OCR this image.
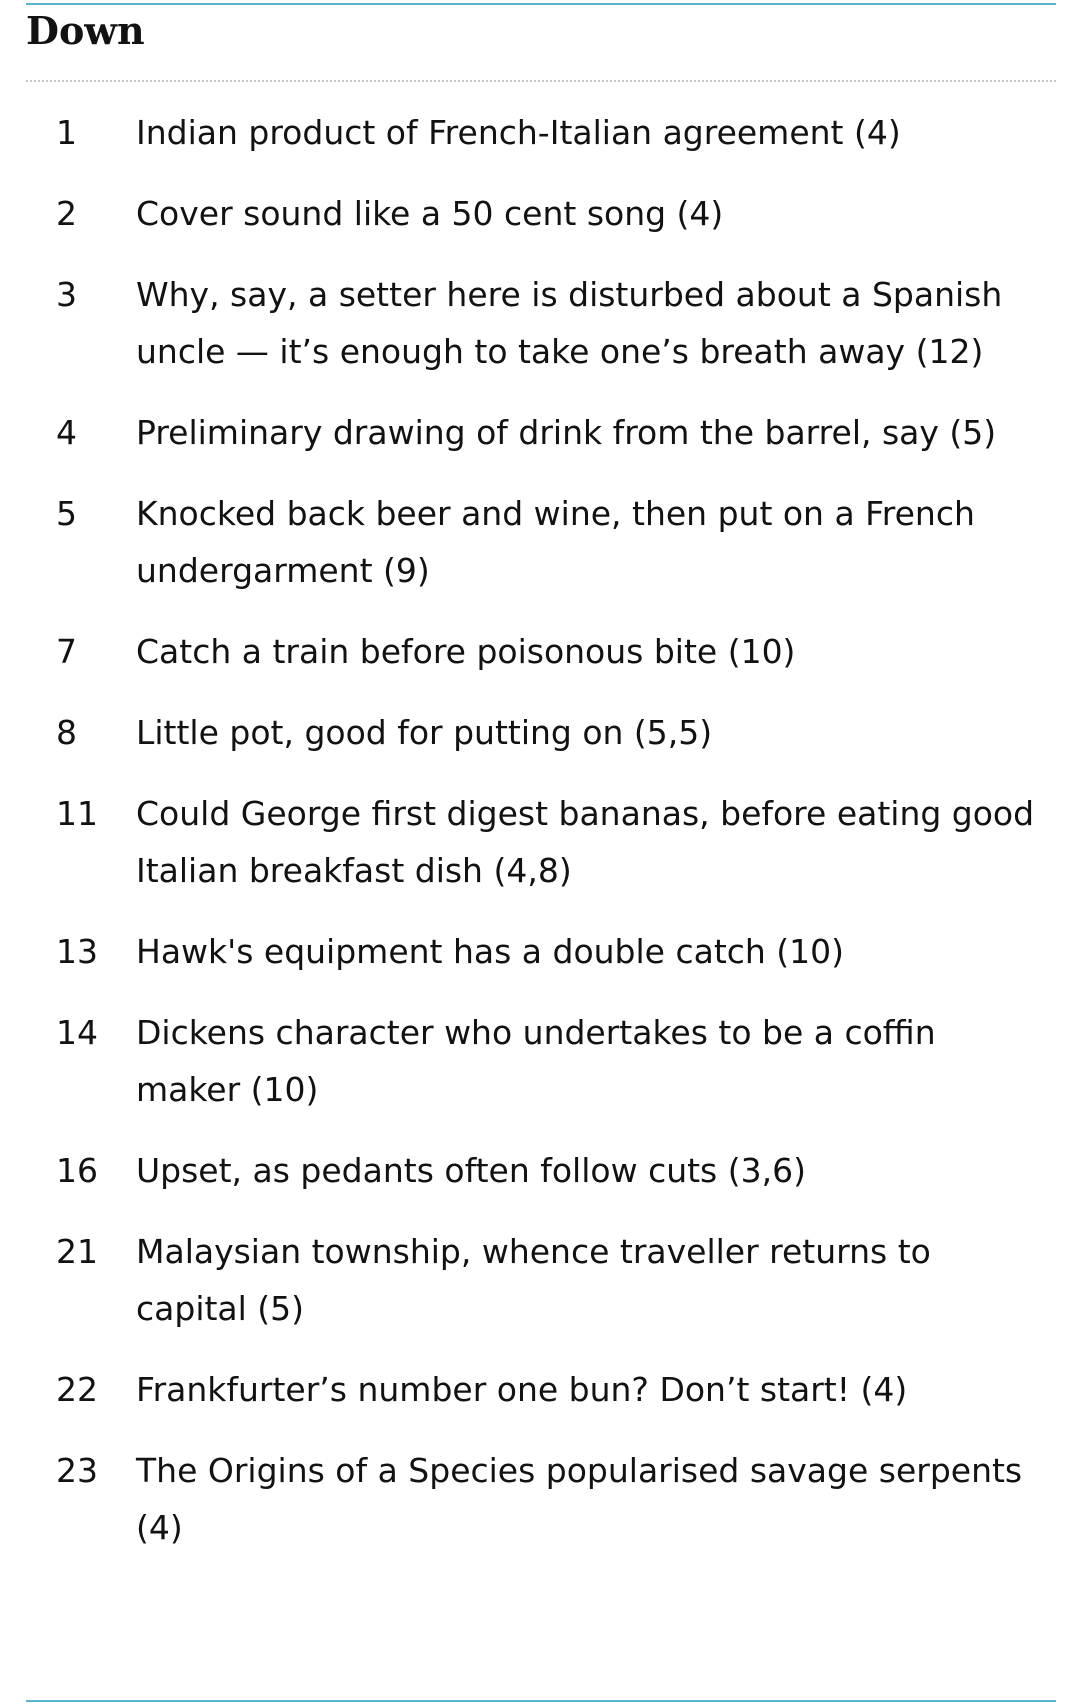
Down
1	Indian product of French-Italian agreement (4)
2	Cover sound like a 50 cent song (4)
3	Why, say, a setter here is disturbed about a Spanish uncle — it’s enough to take one’s breath away (12)
4	Preliminary drawing of drink from the barrel, say (5)
5	Knocked back beer and wine, then put on a French undergarment (9)
7	Catch a train before poisonous bite (10)
8	Little pot, good for putting on (5,5)
11	Could George first digest bananas, before eating good Italian breakfast dish (4,8)
13	Hawk's equipment has a double catch (10)
14	Dickens character who undertakes to be a coffin maker (10)
16	Upset, as pedants often follow cuts (3,6)
21	Malaysian township, whence traveller returns to capital (5)
22	Frankfurter’s number one bun? Don’t start! (4)
23	The Origins of a Species popularised savage serpents (4)
